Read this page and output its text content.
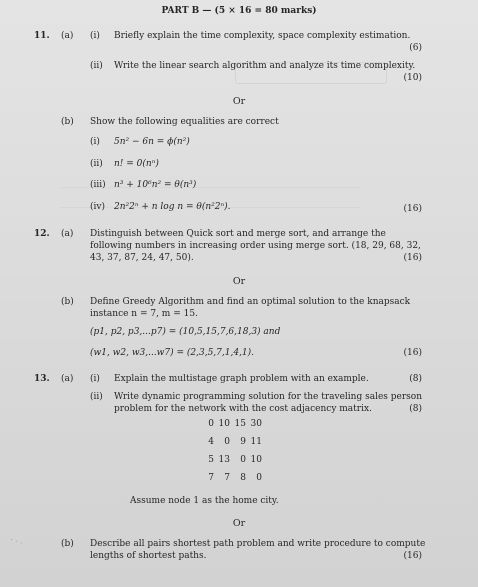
PART B — (5 × 16 = 80 marks)
11. (a) (i) Briefly explain the time complexity, space complexity estimation.
(6)
(ii) Write the linear search algorithm and analyze its time complexity.
(10)
Or
(b) Show the following equalities are correct
(i) 5n² − 6n = ϕ(n²)
(ii) n! = 0(nⁿ)
(iii) n³ + 10⁶n² = θ(n³)
(iv) 2n²2ⁿ + n log n = θ(n²2ⁿ).	(16)
12. (a) Distinguish between Quick sort and merge sort, and arrange the
following numbers in increasing order using merge sort. (18, 29, 68, 32,
43, 37, 87, 24, 47, 50).	(16)
Or
(b) Define Greedy Algorithm and find an optimal solution to the knapsack
instance n = 7, m = 15.
(p1, p2, p3,...p7) = (10,5,15,7,6,18,3) and
(w1, w2, w3,...w7) = (2,3,5,7,1,4,1).	(16)
13. (a) (i) Explain the multistage graph problem with an example.	(8)
(ii) Write dynamic programming solution for the traveling sales person
problem for the network with the cost adjacency matrix.	(8)
0 10 15 30
4 0 9 11
5 13 0 10
7 7 8 0
Assume node 1 as the home city.
Or
(b) Describe all pairs shortest path problem and write procedure to compute
lengths of shortest paths.	(16)
· · ·
